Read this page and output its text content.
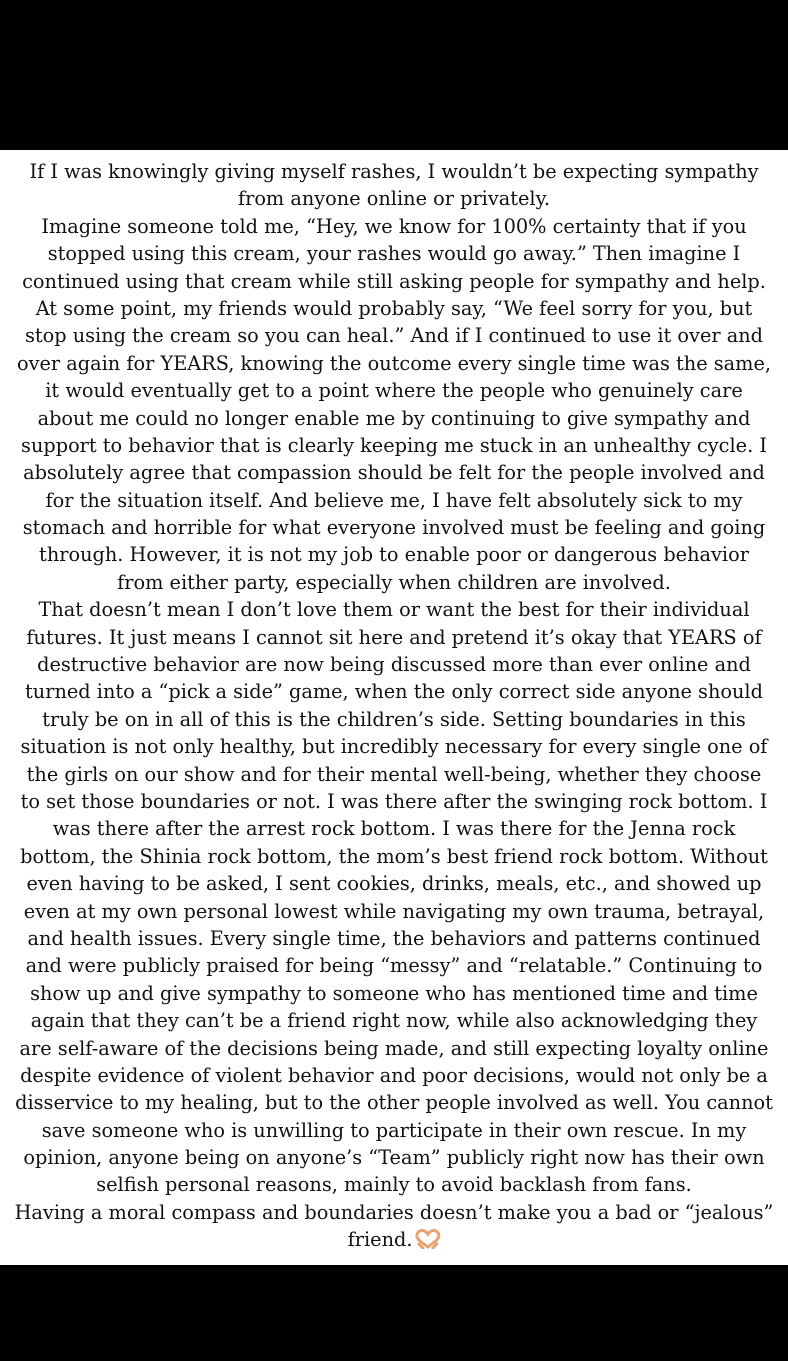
If I was knowingly giving myself rashes, I wouldn’t be expecting sympathy
from anyone online or privately.
Imagine someone told me, “Hey, we know for 100% certainty that if you
stopped using this cream, your rashes would go away.” Then imagine I
continued using that cream while still asking people for sympathy and help.
At some point, my friends would probably say, “We feel sorry for you, but
stop using the cream so you can heal.” And if I continued to use it over and
over again for YEARS, knowing the outcome every single time was the same,
it would eventually get to a point where the people who genuinely care
about me could no longer enable me by continuing to give sympathy and
support to behavior that is clearly keeping me stuck in an unhealthy cycle. I
absolutely agree that compassion should be felt for the people involved and
for the situation itself. And believe me, I have felt absolutely sick to my
stomach and horrible for what everyone involved must be feeling and going
through. However, it is not my job to enable poor or dangerous behavior
from either party, especially when children are involved.
That doesn’t mean I don’t love them or want the best for their individual
futures. It just means I cannot sit here and pretend it’s okay that YEARS of
destructive behavior are now being discussed more than ever online and
turned into a “pick a side” game, when the only correct side anyone should
truly be on in all of this is the children’s side. Setting boundaries in this
situation is not only healthy, but incredibly necessary for every single one of
the girls on our show and for their mental well-being, whether they choose
to set those boundaries or not. I was there after the swinging rock bottom. I
was there after the arrest rock bottom. I was there for the Jenna rock
bottom, the Shinia rock bottom, the mom’s best friend rock bottom. Without
even having to be asked, I sent cookies, drinks, meals, etc., and showed up
even at my own personal lowest while navigating my own trauma, betrayal,
and health issues. Every single time, the behaviors and patterns continued
and were publicly praised for being “messy” and “relatable.” Continuing to
show up and give sympathy to someone who has mentioned time and time
again that they can’t be a friend right now, while also acknowledging they
are self-aware of the decisions being made, and still expecting loyalty online
despite evidence of violent behavior and poor decisions, would not only be a
disservice to my healing, but to the other people involved as well. You cannot
save someone who is unwilling to participate in their own rescue. In my
opinion, anyone being on anyone’s “Team” publicly right now has their own
selfish personal reasons, mainly to avoid backlash from fans.
Having a moral compass and boundaries doesn’t make you a bad or “jealous”
friend.
